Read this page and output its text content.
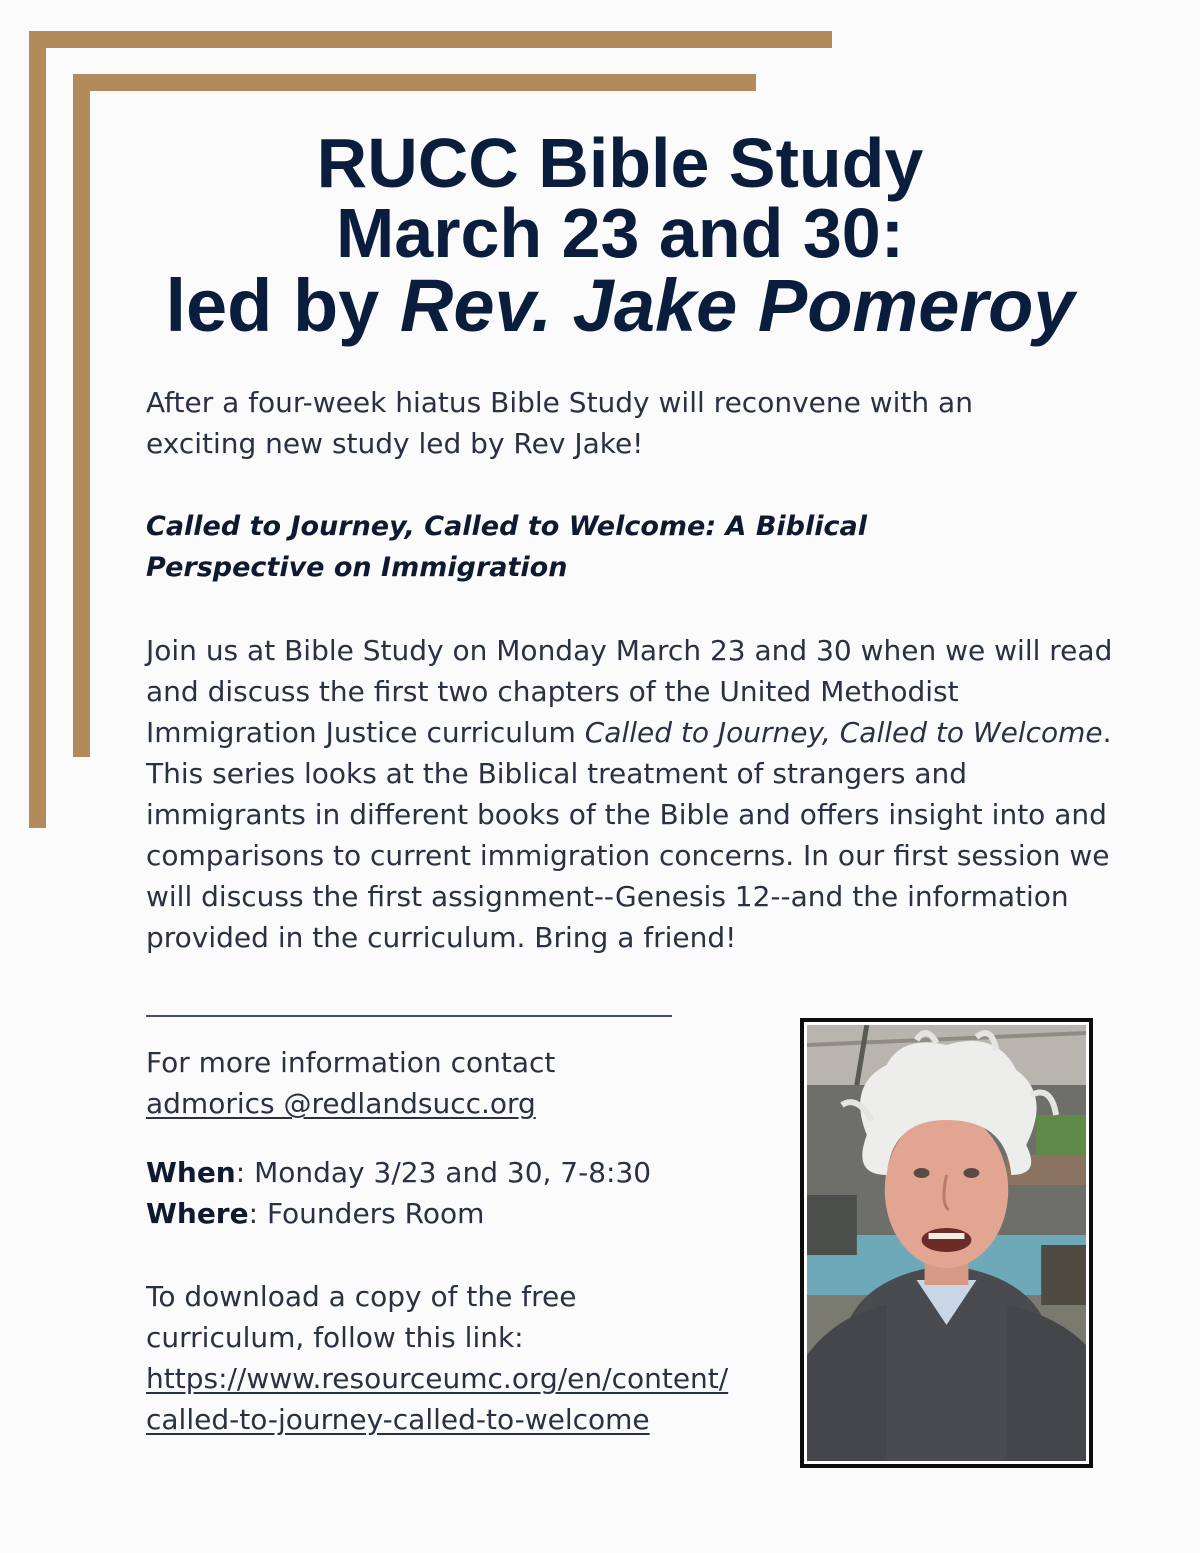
RUCC Bible Study
March 23 and 30:
led by Rev. Jake Pomeroy
After a four-week hiatus Bible Study will reconvene with an exciting new study led by Rev Jake!
Called to Journey, Called to Welcome: A Biblical Perspective on Immigration
Join us at Bible Study on Monday March 23 and 30 when we will read and discuss the first two chapters of the United Methodist Immigration Justice curriculum Called to Journey, Called to Welcome. This series looks at the Biblical treatment of strangers and immigrants in different books of the Bible and offers insight into and comparisons to current immigration concerns. In our first session we will discuss the first assignment--Genesis 12--and the information provided in the curriculum. Bring a friend!
For more information contact
admorics @redlandsucc.org
When: Monday 3/23 and 30, 7-8:30
Where: Founders Room
To download a copy of the free curriculum, follow this link:
https://www.resourceumc.org/en/content/called-to-journey-called-to-welcome
